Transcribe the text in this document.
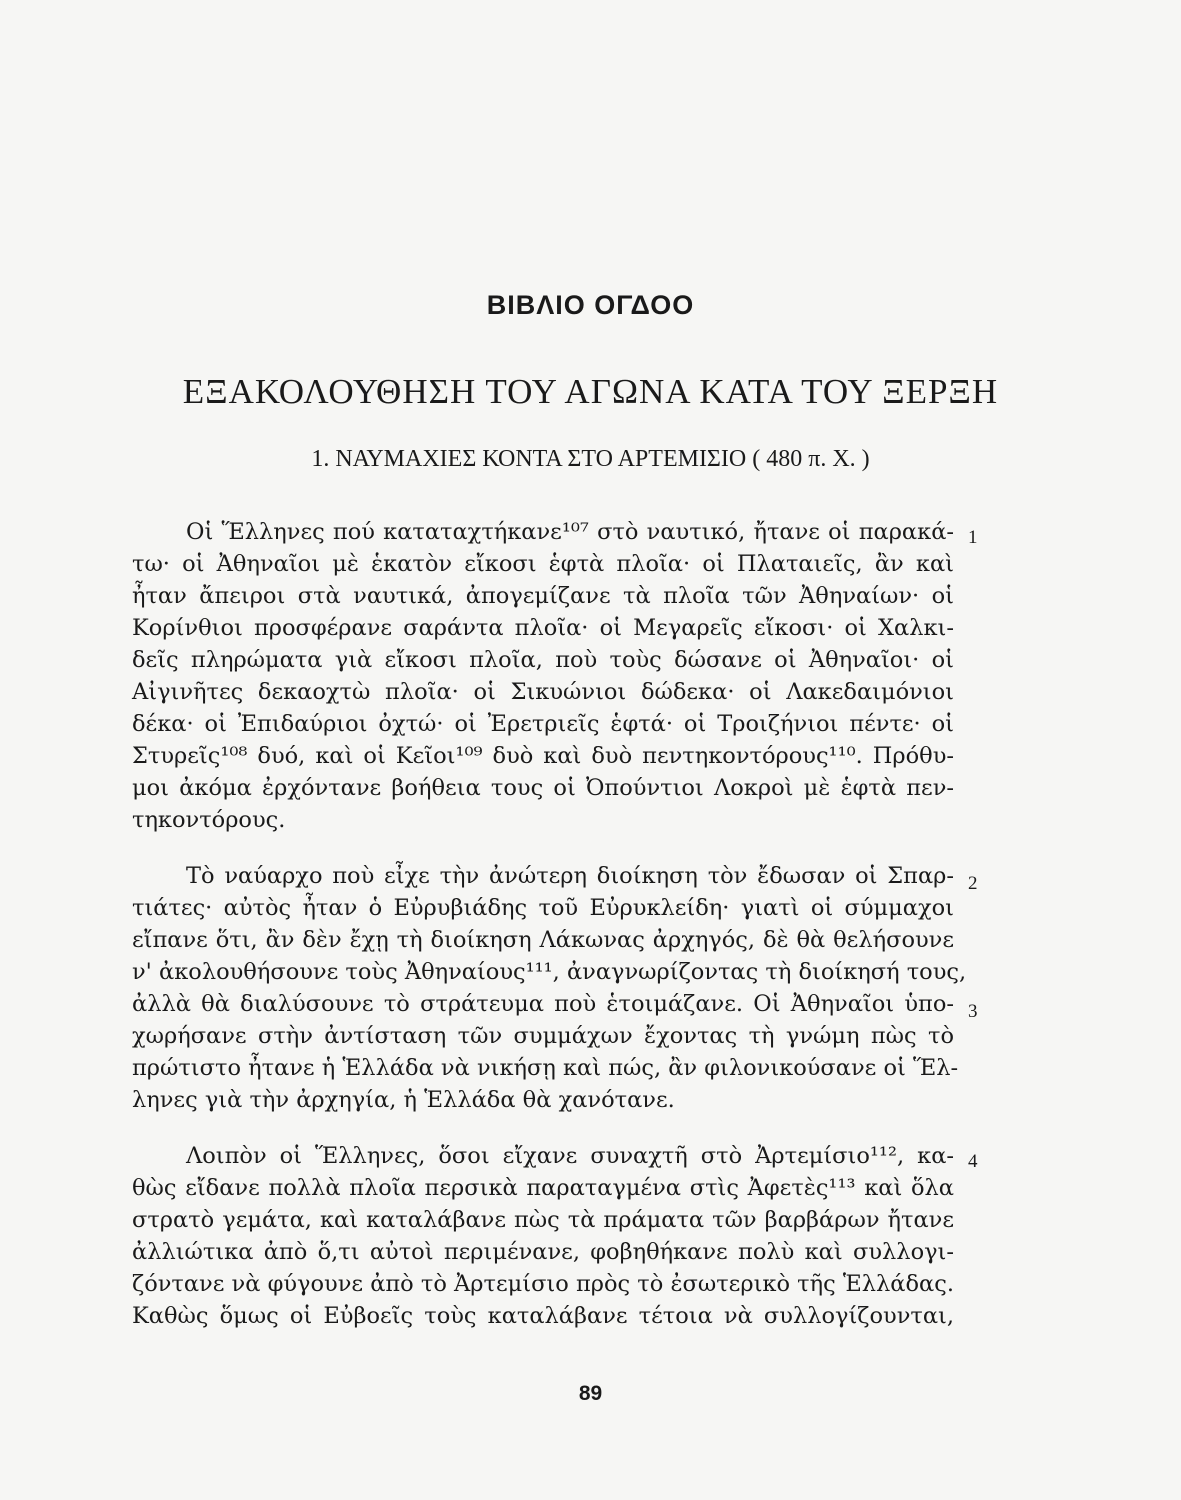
ΒΙΒΛΙΟ ΟΓΔΟΟ
ΕΞΑΚΟΛΟΥΘΗΣΗ ΤΟΥ ΑΓΩΝΑ ΚΑΤΑ ΤΟΥ ΞΕΡΞΗ
1. ΝΑΥΜΑΧΙΕΣ ΚΟΝΤΑ ΣΤΟ ΑΡΤΕΜΙΣΙΟ ( 480 π. Χ. )
Οἱ Ἕλληνες πού καταταχτήκανε¹⁰⁷ στὸ ναυτικό, ἤτανε οἱ παρακά-
τω· οἱ Ἀθηναῖοι μὲ ἑκατὸν εἴκοσι ἑφτὰ πλοῖα· οἱ Πλαταιεῖς, ἂν καὶ
ἦταν ἄπειροι στὰ ναυτικά, ἀπογεμίζανε τὰ πλοῖα τῶν Ἀθηναίων· οἱ
Κορίνθιοι προσφέρανε σαράντα πλοῖα· οἱ Μεγαρεῖς εἴκοσι· οἱ Χαλκι-
δεῖς πληρώματα γιὰ εἴκοσι πλοῖα, ποὺ τοὺς δώσανε οἱ Ἀθηναῖοι· οἱ
Αἰγινῆτες δεκαοχτὼ πλοῖα· οἱ Σικυώνιοι δώδεκα· οἱ Λακεδαιμόνιοι
δέκα· οἱ Ἐπιδαύριοι ὀχτώ· οἱ Ἐρετριεῖς ἑφτά· οἱ Τροιζήνιοι πέντε· οἱ
Στυρεῖς¹⁰⁸ δυό, καὶ οἱ Κεῖοι¹⁰⁹ δυὸ καὶ δυὸ πεντηκοντόρους¹¹⁰. Πρόθυ-
μοι ἀκόμα ἐρχόντανε βοήθεια τους οἱ Ὀπούντιοι Λοκροὶ μὲ ἑφτὰ πεν-
τηκοντόρους.
Τὸ ναύαρχο ποὺ εἶχε τὴν ἀνώτερη διοίκηση τὸν ἔδωσαν οἱ Σπαρ-
τιάτες· αὐτὸς ἦταν ὁ Εὐρυβιάδης τοῦ Εὐρυκλείδη· γιατὶ οἱ σύμμαχοι
εἴπανε ὅτι, ἂν δὲν ἔχῃ τὴ διοίκηση Λάκωνας ἀρχηγός, δὲ θὰ θελήσουνε
ν' ἀκολουθήσουνε τοὺς Ἀθηναίους¹¹¹, ἀναγνωρίζοντας τὴ διοίκησή τους,
ἀλλὰ θὰ διαλύσουνε τὸ στράτευμα ποὺ ἑτοιμάζανε. Οἱ Ἀθηναῖοι ὑπο-
χωρήσανε στὴν ἀντίσταση τῶν συμμάχων ἔχοντας τὴ γνώμη πὼς τὸ
πρώτιστο ἦτανε ἡ Ἑλλάδα νὰ νικήσῃ καὶ πώς, ἂν φιλονικούσανε οἱ Ἕλ-
ληνες γιὰ τὴν ἀρχηγία, ἡ Ἑλλάδα θὰ χανότανε.
Λοιπὸν οἱ Ἕλληνες, ὅσοι εἴχανε συναχτῆ στὸ Ἀρτεμίσιο¹¹², κα-
θὼς εἴδανε πολλὰ πλοῖα περσικὰ παραταγμένα στὶς Ἀφετὲς¹¹³ καὶ ὅλα
στρατὸ γεμάτα, καὶ καταλάβανε πὼς τὰ πράματα τῶν βαρβάρων ἤτανε
ἀλλιώτικα ἀπὸ ὅ,τι αὐτοὶ περιμένανε, φοβηθήκανε πολὺ καὶ συλλογι-
ζόντανε νὰ φύγουνε ἀπὸ τὸ Ἀρτεμίσιο πρὸς τὸ ἐσωτερικὸ τῆς Ἑλλάδας.
Καθὼς ὅμως οἱ Εὐβοεῖς τοὺς καταλάβανε τέτοια νὰ συλλογίζουνται,
1
2
3
4
89
